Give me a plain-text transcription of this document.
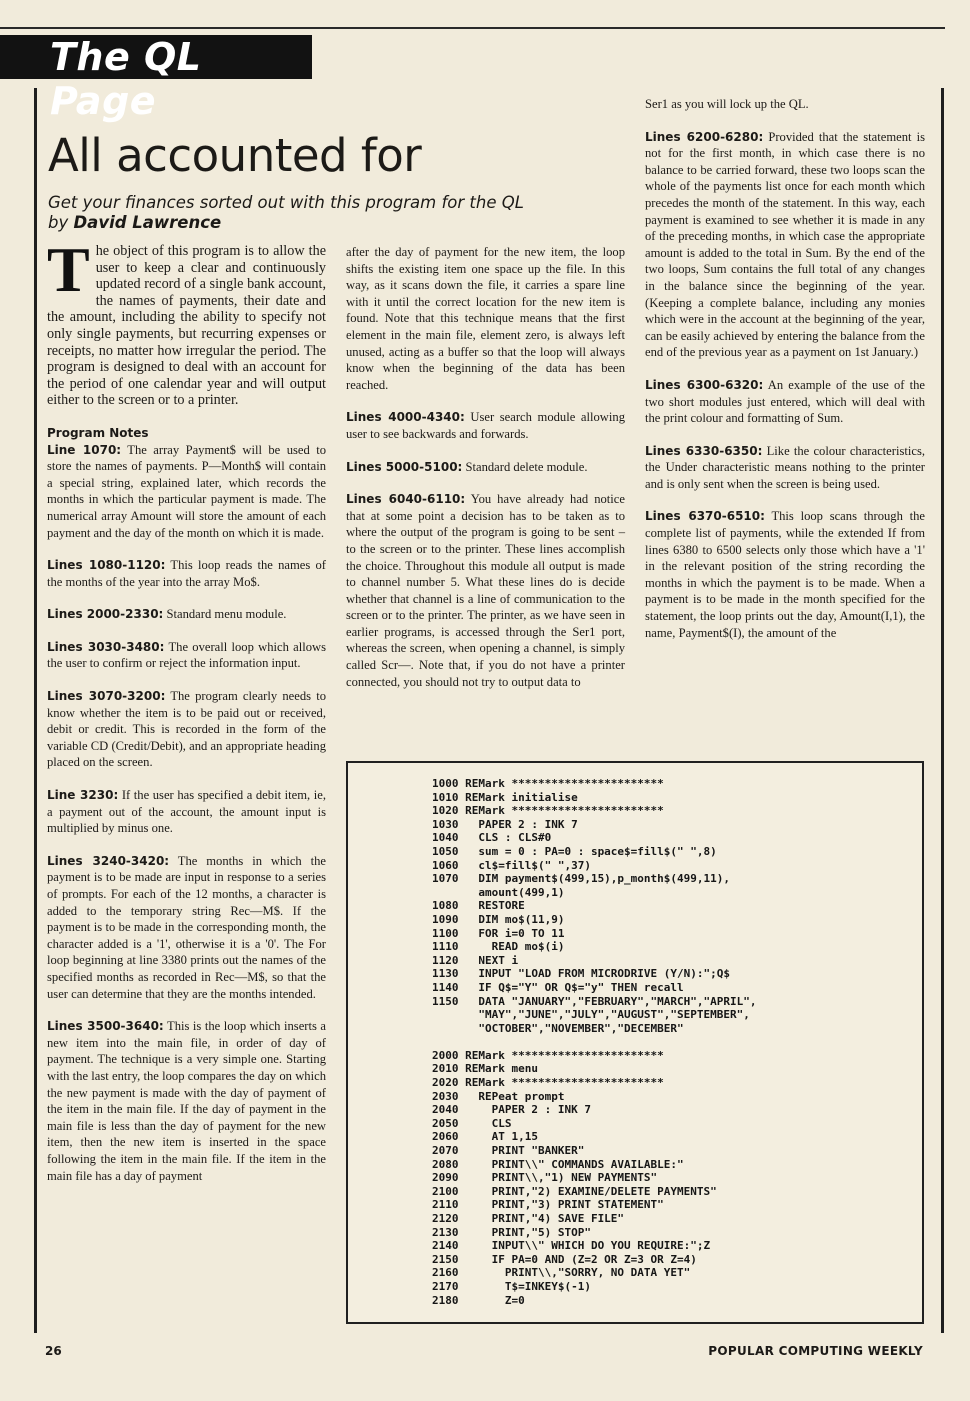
The QL Page
All accounted for
Get your finances sorted out with this program for the QL
by David Lawrence

The object of this program is to allow the user to keep a clear and continuously updated record of a single bank account, the names of payments, their date and the amount, including the ability to specify not only single payments, but recurring expenses or receipts, no matter how irregular the period. The program is designed to deal with an account for the period of one calendar year and will output either to the screen or to a printer.

Program Notes

Line 1070: The array Payment$ will be used to store the names of payments. P—Month$ will contain a special string, explained later, which records the months in which the particular payment is made. The numerical array Amount will store the amount of each payment and the day of the month on which it is made.

Lines 1080-1120: This loop reads the names of the months of the year into the array Mo$.

Lines 2000-2330: Standard menu module.

Lines 3030-3480: The overall loop which allows the user to confirm or reject the information input.

Lines 3070-3200: The program clearly needs to know whether the item is to be paid out or received, debit or credit. This is recorded in the form of the variable CD (Credit/Debit), and an appropriate heading placed on the screen.

Line 3230: If the user has specified a debit item, ie, a payment out of the account, the amount input is multiplied by minus one.

Lines 3240-3420: The months in which the payment is to be made are input in response to a series of prompts. For each of the 12 months, a character is added to the temporary string Rec—M$. If the payment is to be made in the corresponding month, the character added is a '1', otherwise it is a '0'. The For loop beginning at line 3380 prints out the names of the specified months as recorded in Rec—M$, so that the user can determine that they are the months intended.

Lines 3500-3640: This is the loop which inserts a new item into the main file, in order of day of payment. The technique is a very simple one. Starting with the last entry, the loop compares the day on which the new payment is made with the day of payment of the item in the main file. If the day of payment in the main file is less than the day of payment for the new item, then the new item is inserted in the space following the item in the main file. If the item in the main file has a day of payment

after the day of payment for the new item, the loop shifts the existing item one space up the file. In this way, as it scans down the file, it carries a spare line with it until the correct location for the new item is found. Note that this technique means that the first element in the main file, element zero, is always left unused, acting as a buffer so that the loop will always know when the beginning of the data has been reached.

Lines 4000-4340: User search module allowing user to see backwards and forwards.

Lines 5000-5100: Standard delete module.

Lines 6040-6110: You have already had notice that at some point a decision has to be taken as to where the output of the program is going to be sent – to the screen or to the printer. These lines accomplish the choice. Throughout this module all output is made to channel number 5. What these lines do is decide whether that channel is a line of communication to the screen or to the printer. The printer, as we have seen in earlier programs, is accessed through the Ser1 port, whereas the screen, when opening a channel, is simply called Scr—. Note that, if you do not have a printer connected, you should not try to output data to

Ser1 as you will lock up the QL.

Lines 6200-6280: Provided that the statement is not for the first month, in which case there is no balance to be carried forward, these two loops scan the whole of the payments list once for each month which precedes the month of the statement. In this way, each payment is examined to see whether it is made in any of the preceding months, in which case the appropriate amount is added to the total in Sum. By the end of the two loops, Sum contains the full total of any changes in the balance since the beginning of the year. (Keeping a complete balance, including any monies which were in the account at the beginning of the year, can be easily achieved by entering the balance from the end of the previous year as a payment on 1st January.)

Lines 6300-6320: An example of the use of the two short modules just entered, which will deal with the print colour and formatting of Sum.

Lines 6330-6350: Like the colour characteristics, the Under characteristic means nothing to the printer and is only sent when the screen is being used.

Lines 6370-6510: This loop scans through the complete list of payments, while the extended If from lines 6380 to 6500 selects only those which have a '1' in the relevant position of the string recording the months in which the payment is to be made. When a payment is to be made in the month specified for the statement, the loop prints out the day, Amount(I,1), the name, Payment$(I), the amount of the

1000 REMark ***********************
1010 REMark initialise
1020 REMark ***********************
1030   PAPER 2 : INK 7
1040   CLS : CLS#0
1050   sum = 0 : PA=0 : space$=fill$(" ",8)
1060   cl$=fill$(" ",37)
1070   DIM payment$(499,15),p_month$(499,11),
amount(499,1)
1080   RESTORE
1090   DIM mo$(11,9)
1100   FOR i=0 TO 11
1110     READ mo$(i)
1120   NEXT i
1130   INPUT "LOAD FROM MICRODRIVE (Y/N):";Q$
1140   IF Q$="Y" OR Q$="y" THEN recall
1150   DATA "JANUARY","FEBRUARY","MARCH","APRIL",
"MAY","JUNE","JULY","AUGUST","SEPTEMBER",
"OCTOBER","NOVEMBER","DECEMBER"

2000 REMark ***********************
2010 REMark menu
2020 REMark ***********************
2030   REPeat prompt
2040     PAPER 2 : INK 7
2050     CLS
2060     AT 1,15
2070     PRINT "BANKER"
2080     PRINT\\" COMMANDS AVAILABLE:"
2090     PRINT\\,"1) NEW PAYMENTS"
2100     PRINT,"2) EXAMINE/DELETE PAYMENTS"
2110     PRINT,"3) PRINT STATEMENT"
2120     PRINT,"4) SAVE FILE"
2130     PRINT,"5) STOP"
2140     INPUT\\" WHICH DO YOU REQUIRE:";Z
2150     IF PA=0 AND (Z=2 OR Z=3 OR Z=4)
2160       PRINT\\,"SORRY, NO DATA YET"
2170       T$=INKEY$(-1)
2180       Z=0
26	POPULAR COMPUTING WEEKLY
